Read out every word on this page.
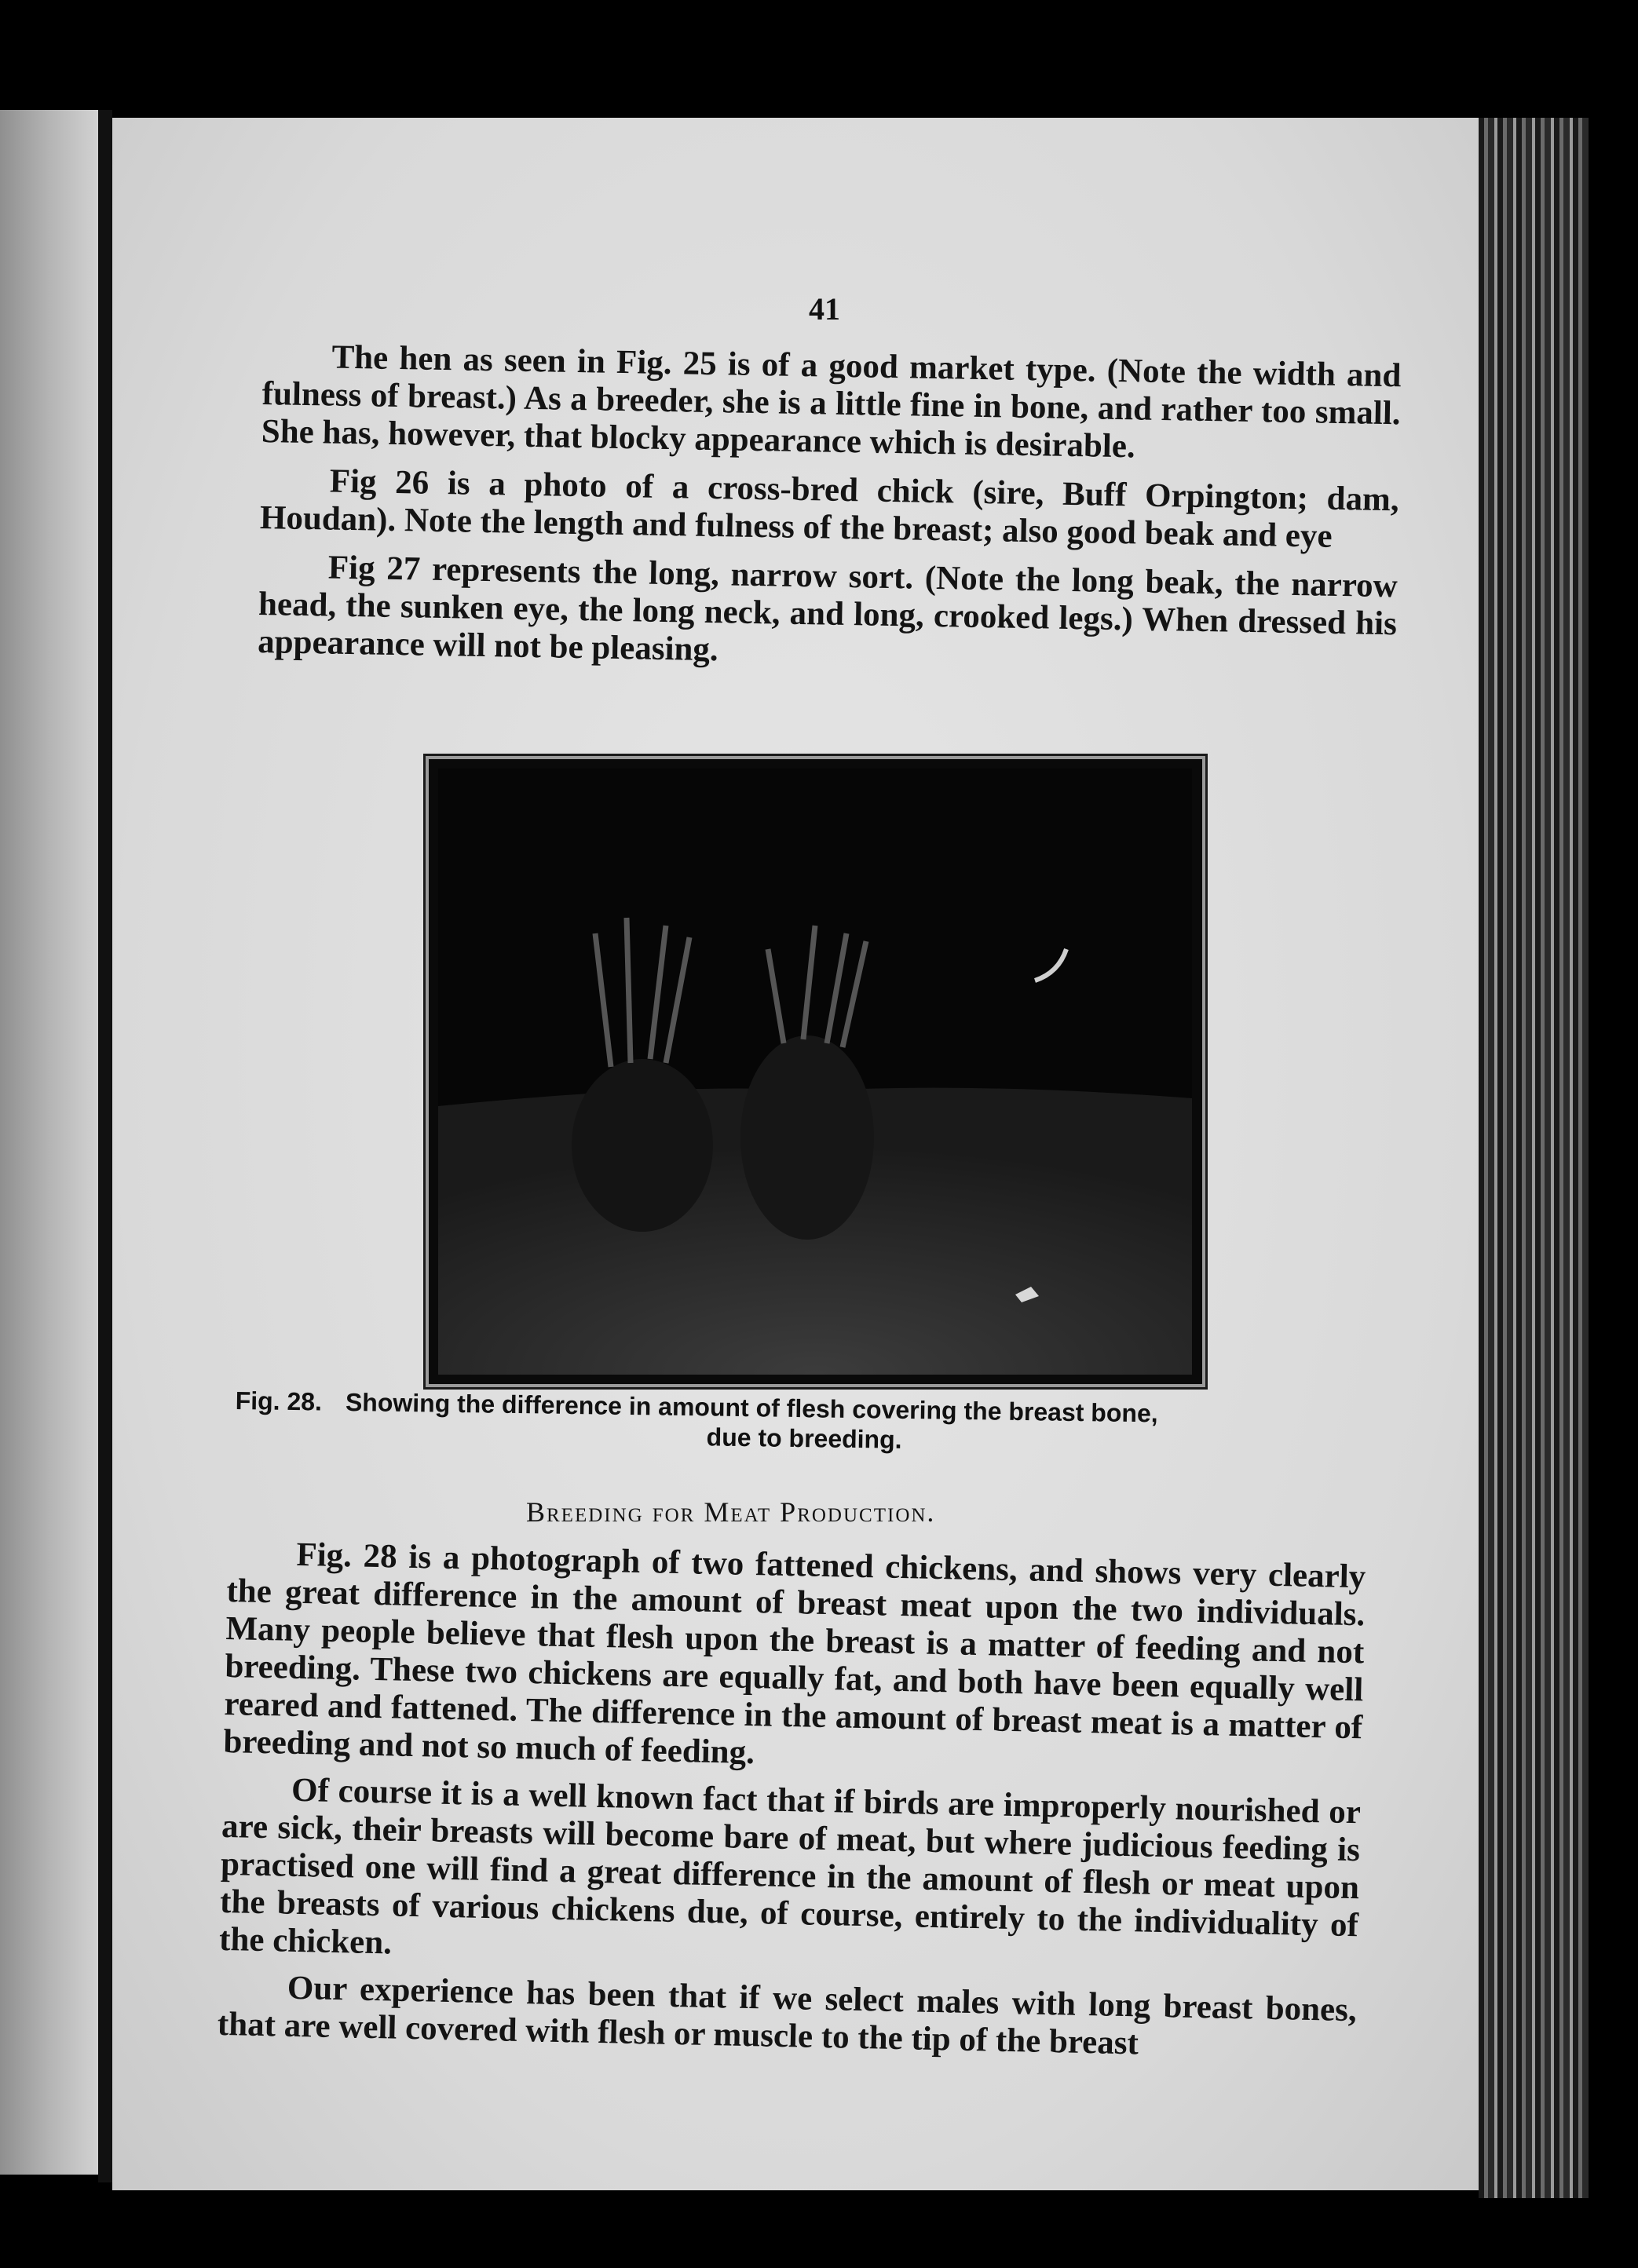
41

The hen as seen in Fig. 25 is of a good market type. (Note the width and fulness of breast.) As a breeder, she is a little fine in bone, and rather too small. She has, however, that blocky appearance which is desirable.

Fig 26 is a photo of a cross-bred chick (sire, Buff Orpington; dam, Houdan). Note the length and fulness of the breast; also good beak and eye

Fig 27 represents the long, narrow sort. (Note the long beak, the narrow head, the sunken eye, the long neck, and long, crooked legs.) When dressed his appearance will not be pleasing.

Fig. 28. Showing the difference in amount of flesh covering the breast bone,
due to breeding.
Breeding for Meat Production.

Fig. 28 is a photograph of two fattened chickens, and shows very clearly the great difference in the amount of breast meat upon the two individuals. Many people believe that flesh upon the breast is a matter of feeding and not breeding. These two chickens are equally fat, and both have been equally well reared and fattened. The difference in the amount of breast meat is a matter of breeding and not so much of feeding.

Of course it is a well known fact that if birds are improperly nourished or are sick, their breasts will become bare of meat, but where judicious feeding is practised one will find a great difference in the amount of flesh or meat upon the breasts of various chickens due, of course, entirely to the individuality of the chicken.

Our experience has been that if we select males with long breast bones, that are well covered with flesh or muscle to the tip of the breast
